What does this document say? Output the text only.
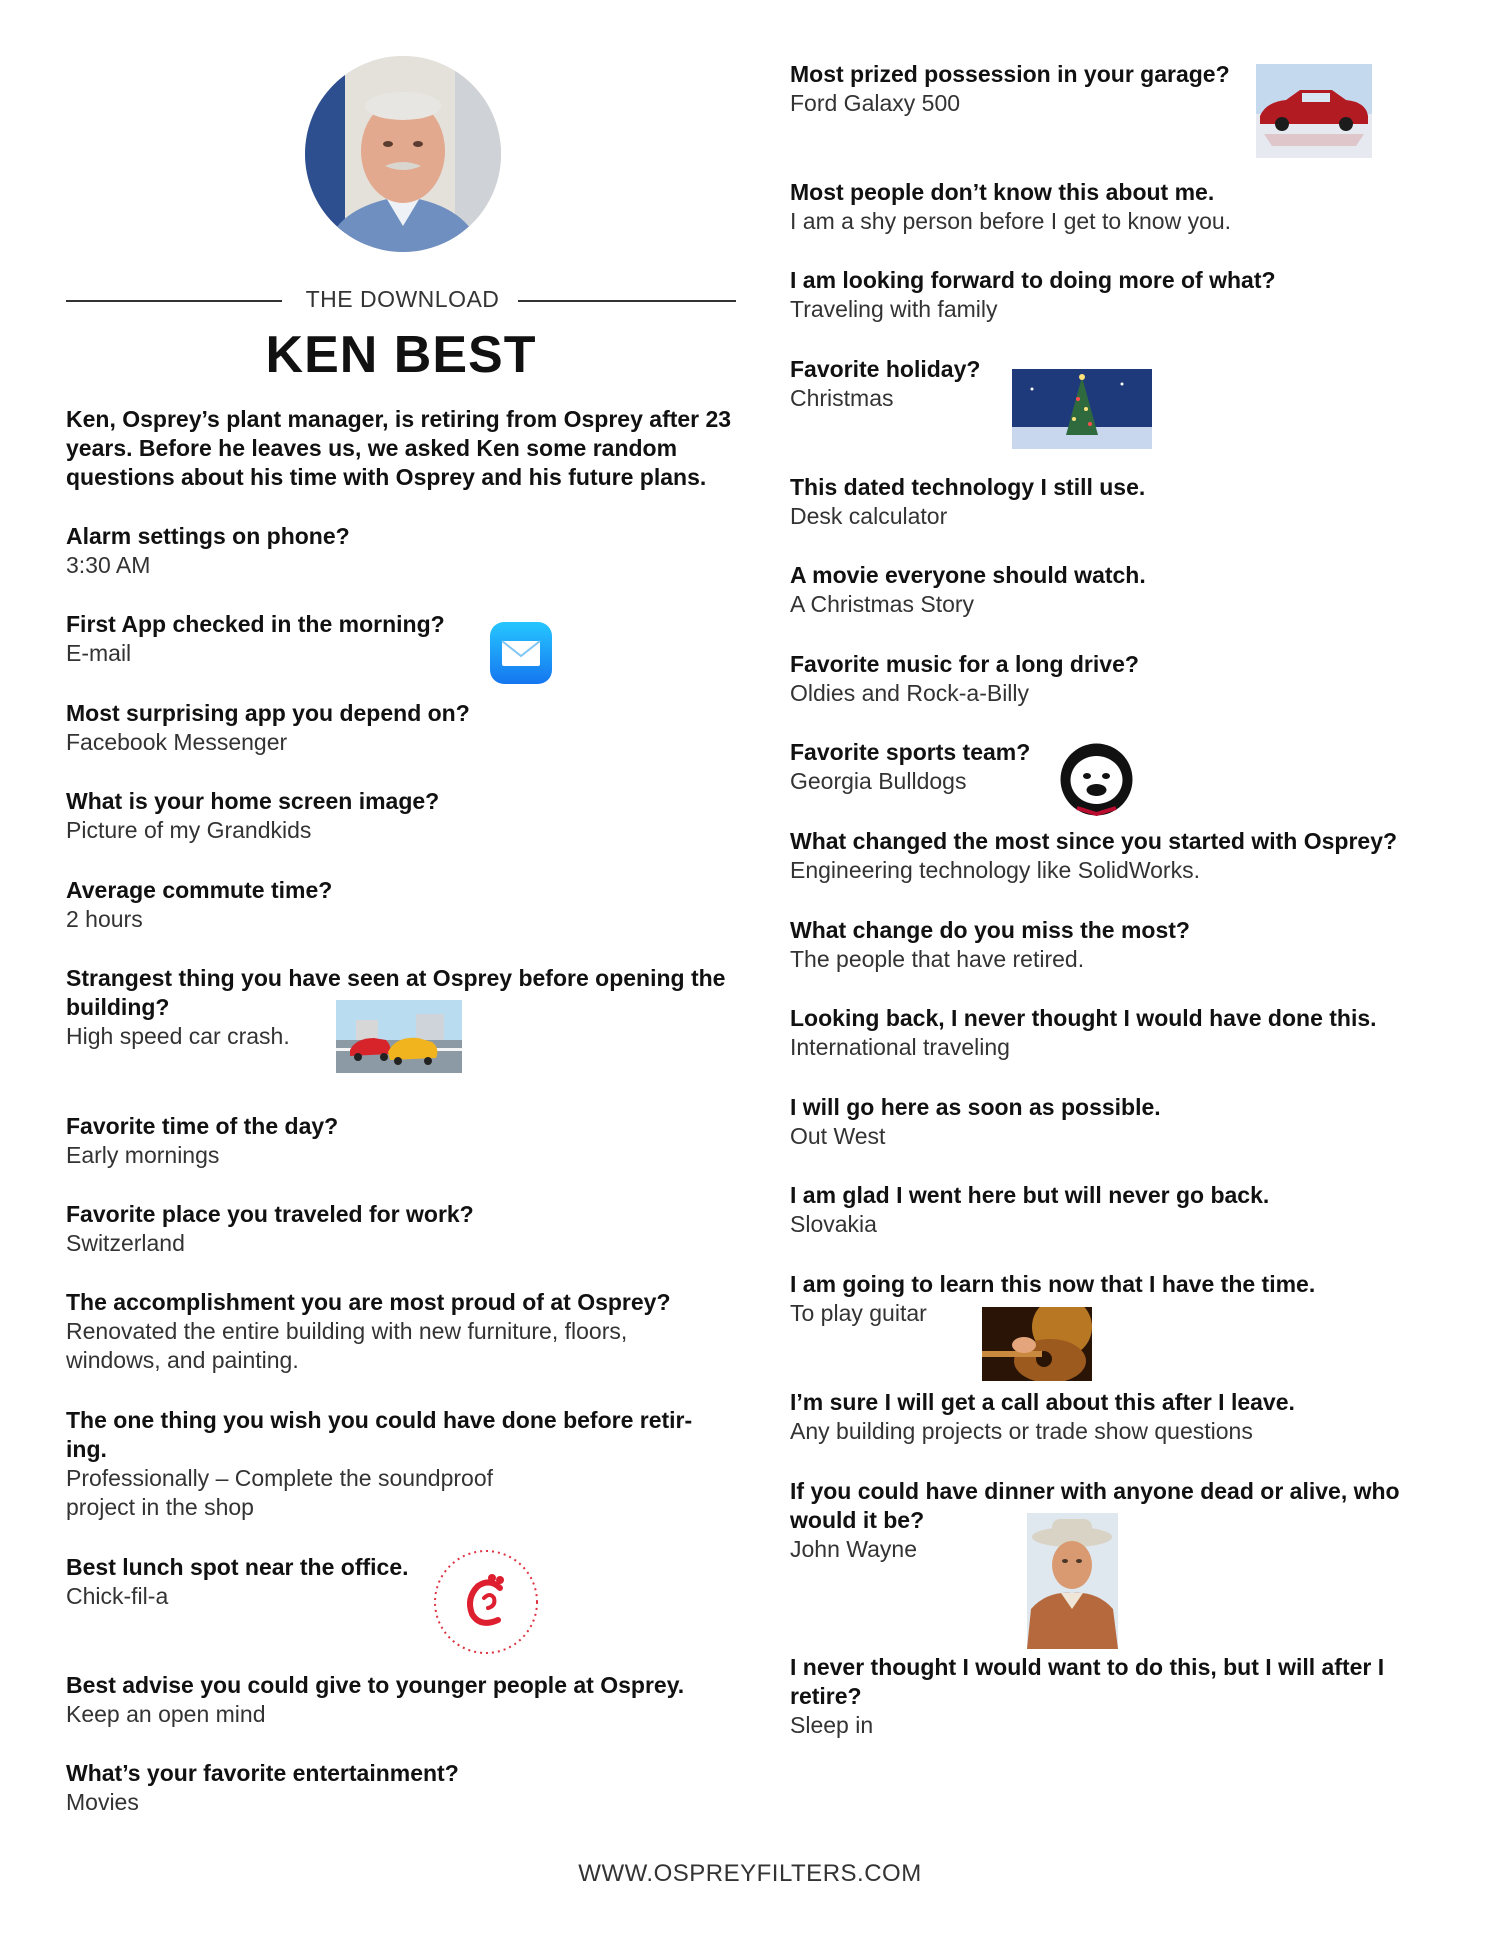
THE DOWNLOAD
KEN BEST
Ken, Osprey’s plant manager, is retiring from Osprey after 23 years. Before he leaves us, we asked Ken some random questions about his time with Osprey and his future plans.
Alarm settings on phone?
3:30 AM
First App checked in the morning?
E-mail
Most surprising app you depend on?
Facebook Messenger
What is your home screen image?
Picture of my Grandkids
Average commute time?
2 hours
Strangest thing you have seen at Osprey before opening the building?
High speed car crash.
Favorite time of the day?
Early mornings
Favorite place you traveled for work?
Switzerland
The accomplishment you are most proud of at Osprey?
Renovated the entire building with new furniture, floors, windows, and painting.
The one thing you wish you could have done before retir-ing.
Professionally – Complete the soundproof project in the shop
Best lunch spot near the office.
Chick-fil-a
Best advise you could give to younger people at Osprey.
Keep an open mind
What’s your favorite entertainment?
Movies
Most prized possession in your garage?
Ford Galaxy 500
Most people don’t know this about me.
I am a shy person before I get to know you.
I am looking forward to doing more of what?
Traveling with family
Favorite holiday?
Christmas
This dated technology I still use.
Desk calculator
A movie everyone should watch.
A Christmas Story
Favorite music for a long drive?
Oldies and Rock-a-Billy
Favorite sports team?
Georgia Bulldogs
What changed the most since you started with Osprey?
Engineering technology like SolidWorks.
What change do you miss the most?
The people that have retired.
Looking back, I never thought I would have done this.
International traveling
I will go here as soon as possible.
Out West
I am glad I went here but will never go back.
Slovakia
I am going to learn this now that I have the time.
To play guitar
I’m sure I will get a call about this after I leave.
Any building projects or trade show questions
If you could have dinner with anyone dead or alive, who would it be?
John Wayne
I never thought I would want to do this, but I will after I retire?
Sleep in
WWW.OSPREYFILTERS.COM
